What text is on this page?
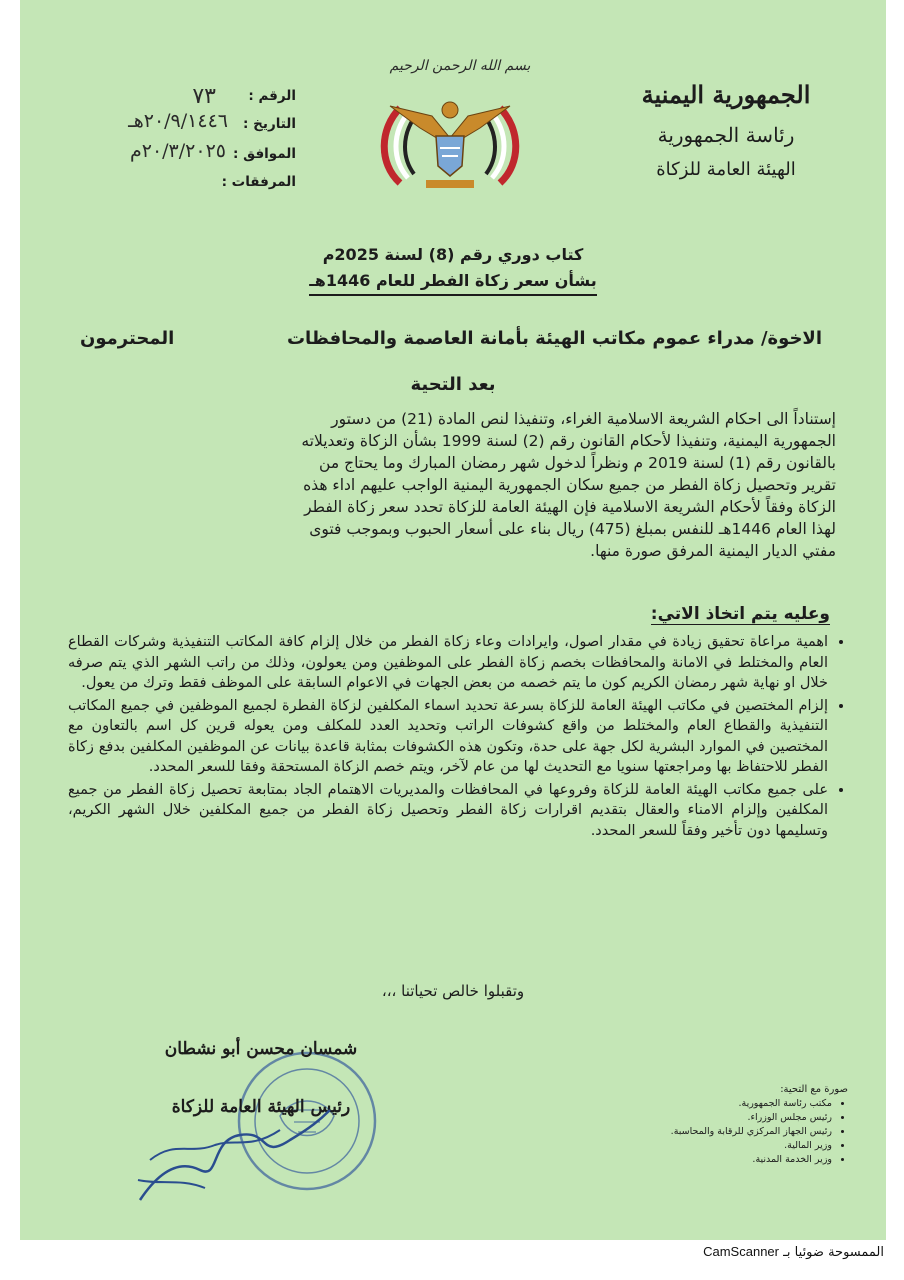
الجمهورية اليمنية
رئاسة الجمهورية
الهيئة العامة للزكاة
بسم الله الرحمن الرحيم
الرقم :
٧٣
التاريخ :
٢٠/٩/١٤٤٦هـ
الموافق :
٢٠/٣/٢٠٢٥م
المرفقات :
كتاب دوري رقم (8) لسنة 2025م
بشأن سعر زكاة الفطر للعام 1446هـ
الاخوة/ مدراء عموم مكاتب الهيئة بأمانة العاصمة والمحافظات
المحترمون
بعد التحية

إستناداً الى احكام الشريعة الاسلامية الغراء، وتنفيذا لنص المادة (21) من دستور

الجمهورية اليمنية، وتنفيذا لأحكام القانون رقم (2) لسنة 1999 بشأن الزكاة وتعديلاته

بالقانون رقم (1) لسنة 2019 م ونظراً لدخول شهر رمضان المبارك وما يحتاج من

تقرير وتحصيل زكاة الفطر من جميع سكان الجمهورية اليمنية الواجب عليهم اداء هذه

الزكاة وفقاً لأحكام الشريعة الاسلامية فإن الهيئة العامة للزكاة تحدد سعر زكاة الفطر

لهذا العام 1446هـ للنفس بمبلغ (475) ريال بناء على أسعار الحبوب وبموجب فتوى

مفتي الديار اليمنية المرفق صورة منها.

وعليه يتم اتخاذ الاتي:
• اهمية مراعاة تحقيق زيادة في مقدار اصول، وايرادات وعاء زكاة الفطر من خلال إلزام كافة المكاتب التنفيذية وشركات القطاع العام والمختلط في الامانة والمحافظات بخصم زكاة الفطر على الموظفين ومن يعولون، وذلك من راتب الشهر الذي يتم صرفه خلال او نهاية شهر رمضان الكريم كون ما يتم خصمه من بعض الجهات في الاعوام السابقة على الموظف فقط وترك من يعول.
• إلزام المختصين في مكاتب الهيئة العامة للزكاة بسرعة تحديد اسماء المكلفين لزكاة الفطرة لجميع الموظفين في جميع المكاتب التنفيذية والقطاع العام والمختلط من واقع كشوفات الراتب وتحديد العدد للمكلف ومن يعوله قرين كل اسم بالتعاون مع المختصين في الموارد البشرية لكل جهة على حدة، وتكون هذه الكشوفات بمثابة قاعدة بيانات عن الموظفين المكلفين بدفع زكاة الفطر للاحتفاظ بها ومراجعتها سنويا مع التحديث لها من عام لآخر، ويتم خصم الزكاة المستحقة وفقا للسعر المحدد.
• على جميع مكاتب الهيئة العامة للزكاة وفروعها في المحافظات والمديريات الاهتمام الجاد بمتابعة تحصيل زكاة الفطر من جميع المكلفين وإلزام الامناء والعقال بتقديم اقرارات زكاة الفطر وتحصيل زكاة الفطر من جميع المكلفين خلال الشهر الكريم، وتسليمها دون تأخير وفقاً للسعر المحدد.
وتقبلوا خالص تحياتنا ،،،
شمسان محسن أبو نشطان
رئيس الهيئة العامة للزكاة
صورة مع التحية:
• مكتب رئاسة الجمهورية.
• رئيس مجلس الوزراء.
• رئيس الجهاز المركزي للرقابة والمحاسبة.
• وزير المالية.
• وزير الخدمة المدنية.
الممسوحة ضوئيا بـ CamScanner
